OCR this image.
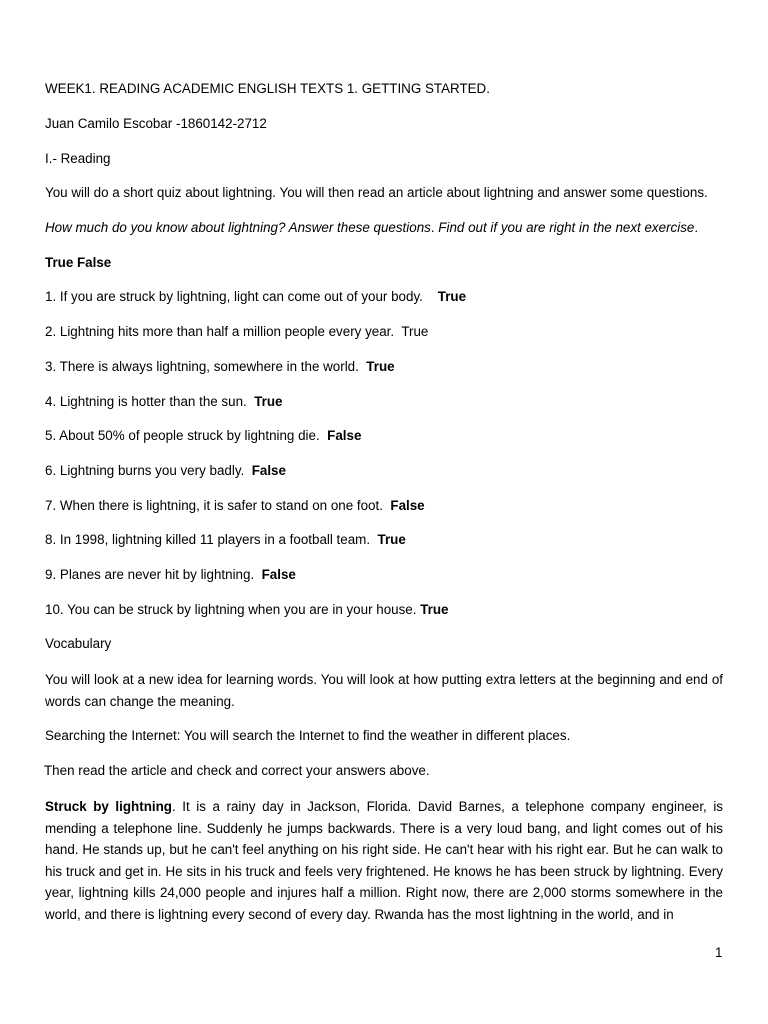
WEEK1. READING ACADEMIC ENGLISH TEXTS 1. GETTING STARTED.
Juan Camilo Escobar -1860142-2712
I.- Reading
You will do a short quiz about lightning. You will then read an article about lightning and answer some questions.
How much do you know about lightning? Answer these questions. Find out if you are right in the next exercise.
True False
1. If you are struck by lightning, light can come out of your body. True
2. Lightning hits more than half a million people every year. True
3. There is always lightning, somewhere in the world. True
4. Lightning is hotter than the sun. True
5. About 50% of people struck by lightning die. False
6. Lightning burns you very badly. False
7. When there is lightning, it is safer to stand on one foot. False
8. In 1998, lightning killed 11 players in a football team. True
9. Planes are never hit by lightning. False
10. You can be struck by lightning when you are in your house. True
Vocabulary

You will look at a new idea for learning words. You will look at how putting extra letters at the beginning and end of words can change the meaning.

Searching the Internet: You will search the Internet to find the weather in different places.
Then read the article and check and correct your answers above.

Struck by lightning. It is a rainy day in Jackson, Florida. David Barnes, a telephone company engineer, is mending a telephone line. Suddenly he jumps backwards. There is a very loud bang, and light comes out of his hand. He stands up, but he can't feel anything on his right side. He can't hear with his right ear. But he can walk to his truck and get in. He sits in his truck and feels very frightened. He knows he has been struck by lightning. Every year, lightning kills 24,000 people and injures half a million. Right now, there are 2,000 storms somewhere in the world, and there is lightning every second of every day. Rwanda has the most lightning in the world, and in

1
